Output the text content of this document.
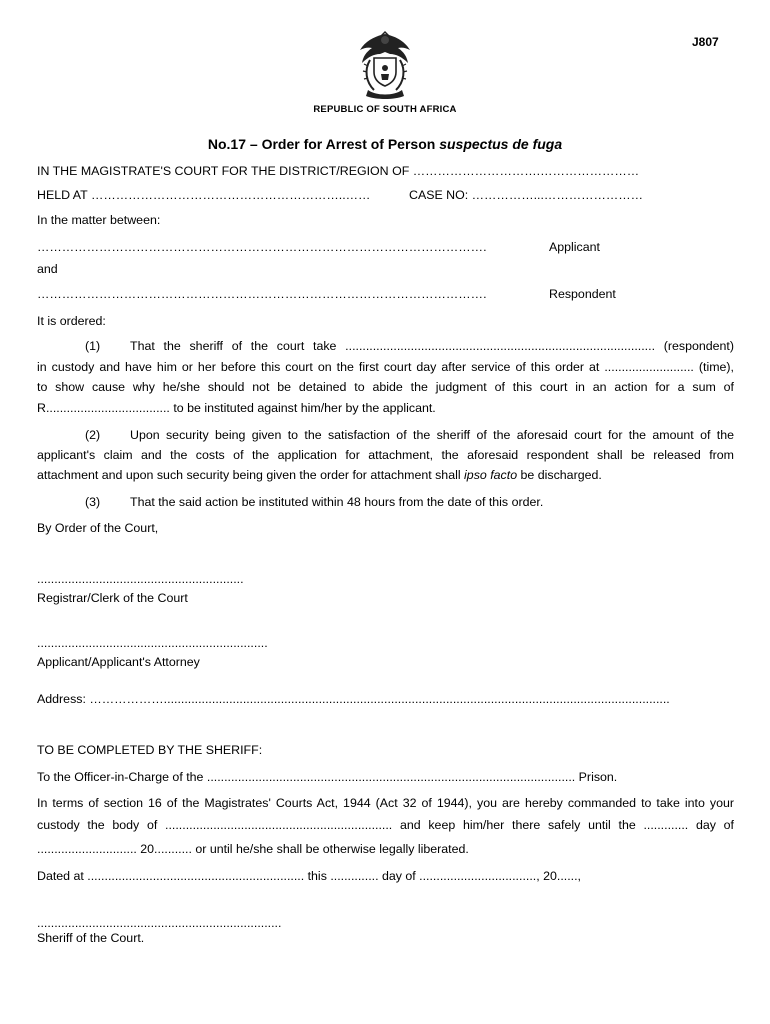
J807
REPUBLIC OF SOUTH AFRICA
No.17 – Order for Arrest of Person suspectus de fuga
IN THE MAGISTRATE'S COURT FOR THE DISTRICT/REGION OF ………………………….……………………
HELD AT ……………………………………………………..……	CASE NO: ……………...……………………
In the matter between:
……………………………………………………………………………………………….	Applicant
and
……………………………………………………………………………………………….	Respondent
It is ordered:
(1) That the sheriff of the court take .......................................................................................... (respondent)
in custody and have him or her before this court on the first court day after service of this order at .......................... (time),
to show cause why he/she should not be detained to abide the judgment of this court in an action for a sum of
R.................................... to be instituted against him/her by the applicant.
(2) Upon security being given to the satisfaction of the sheriff of the aforesaid court for the amount of the
applicant's claim and the costs of the application for attachment, the aforesaid respondent shall be released from
attachment and upon such security being given the order for attachment shall ipso facto be discharged.
(3) That the said action be instituted within 48 hours from the date of this order.
By Order of the Court,
............................................................
Registrar/Clerk of the Court
...................................................................
Applicant/Applicant's Attorney
Address: ………………...................................................................................................................................................
TO BE COMPLETED BY THE SHERIFF:
To the Officer-in-Charge of the ........................................................................................................... Prison.
In terms of section 16 of the Magistrates' Courts Act, 1944 (Act 32 of 1944), you are hereby commanded to take into your
custody the body of .................................................................. and keep him/her there safely until the ............. day of
............................. 20........... or until he/she shall be otherwise legally liberated.
Dated at ............................................................... this .............. day of .................................., 20......,
.......................................................................
Sheriff of the Court.
